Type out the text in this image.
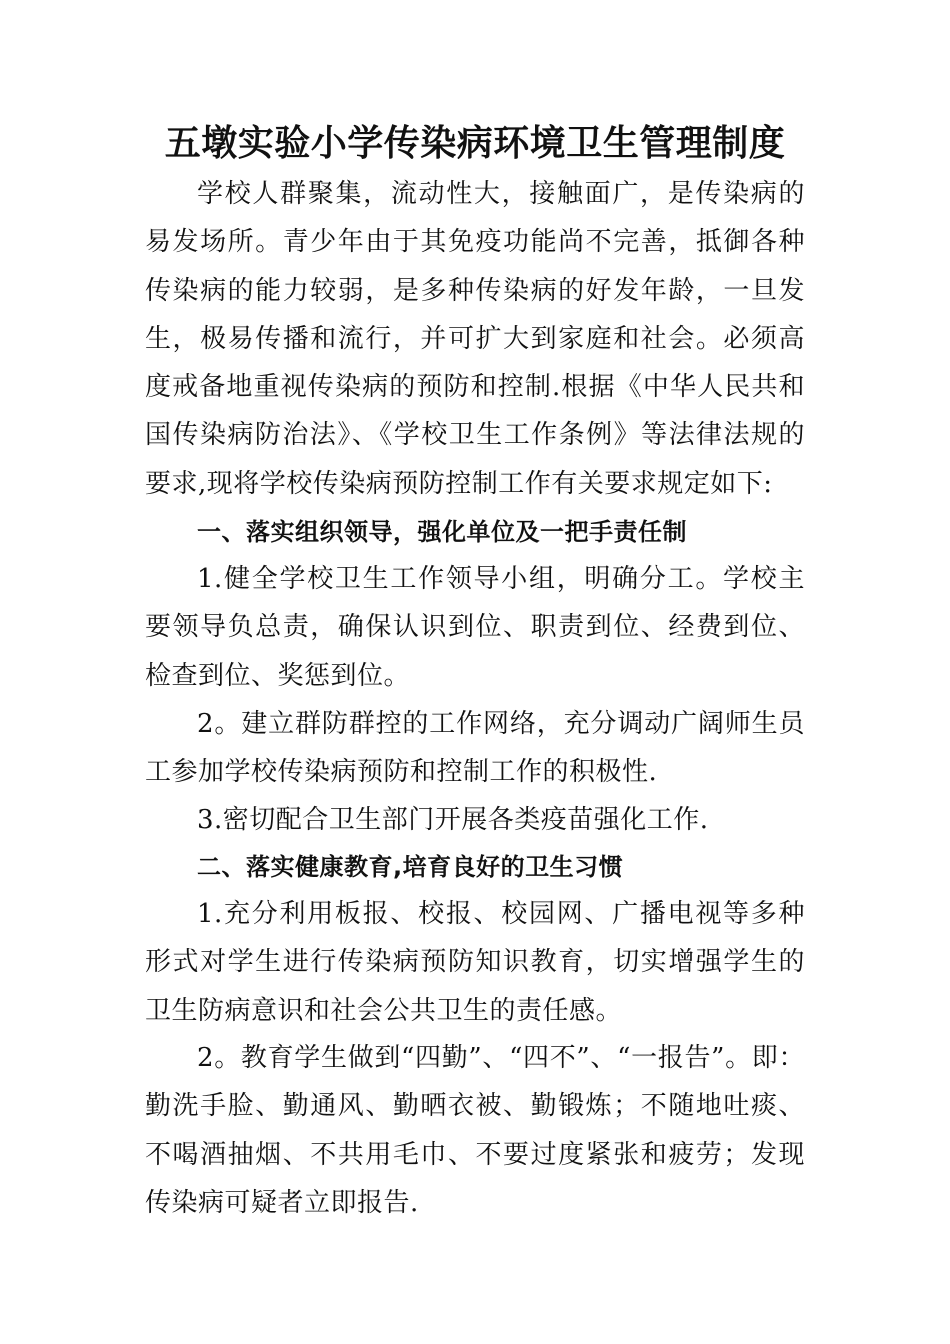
五墩实验小学传染病环境卫生管理制度

学校人群聚集，流动性大，接触面广，是传染病的易发场所。青少年由于其免疫功能尚不完善，抵御各种传染病的能力较弱，是多种传染病的好发年龄，一旦发生，极易传播和流行，并可扩大到家庭和社会。必须高度戒备地重视传染病的预防和控制.根据《中华人民共和国传染病防治法》、《学校卫生工作条例》等法律法规的要求,现将学校传染病预防控制工作有关要求规定如下:

一、落实组织领导，强化单位及一把手责任制

1.健全学校卫生工作领导小组，明确分工。学校主要领导负总责，确保认识到位、职责到位、经费到位、检查到位、奖惩到位。

2。建立群防群控的工作网络，充分调动广阔师生员工参加学校传染病预防和控制工作的积极性.

3.密切配合卫生部门开展各类疫苗强化工作.

二、落实健康教育,培育良好的卫生习惯

1.充分利用板报、校报、校园网、广播电视等多种形式对学生进行传染病预防知识教育，切实增强学生的卫生防病意识和社会公共卫生的责任感。

2。教育学生做到“四勤”、“四不”、“一报告”。即：勤洗手脸、勤通风、勤晒衣被、勤锻炼；不随地吐痰、不喝酒抽烟、不共用毛巾、不要过度紧张和疲劳；发现传染病可疑者立即报告.
